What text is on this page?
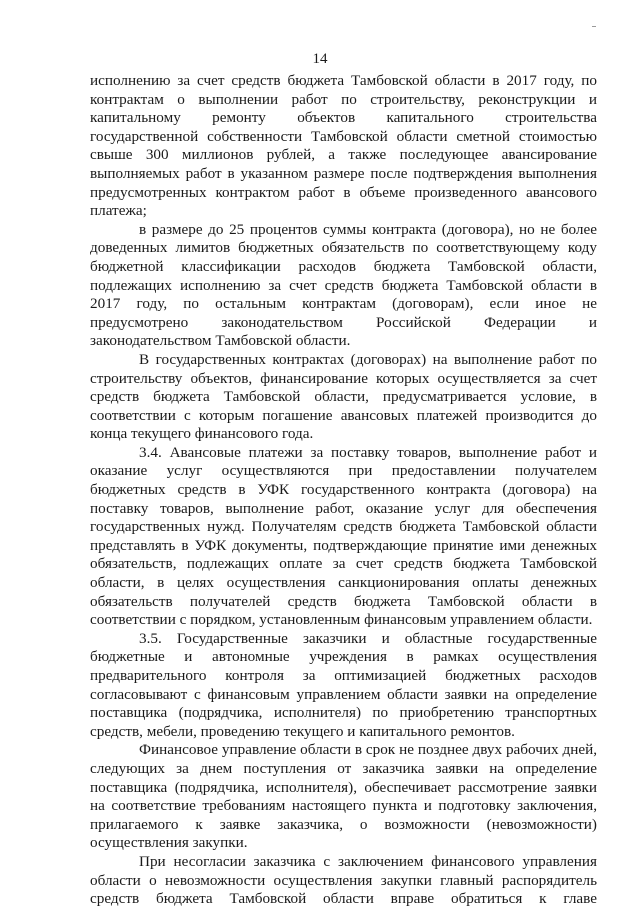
14
исполнению за счет средств бюджета Тамбовской области в 2017 году, по
контрактам о выполнении работ по строительству, реконструкции и
капитальному ремонту объектов капитального строительства
государственной собственности Тамбовской области сметной стоимостью
свыше 300 миллионов рублей, а также последующее авансирование
выполняемых работ в указанном размере после подтверждения выполнения
предусмотренных контрактом работ в объеме произведенного авансового
платежа;
в размере до 25 процентов суммы контракта (договора), но не более
доведенных лимитов бюджетных обязательств по соответствующему коду
бюджетной классификации расходов бюджета Тамбовской области,
подлежащих исполнению за счет средств бюджета Тамбовской области в
2017 году, по остальным контрактам (договорам), если иное не
предусмотрено законодательством Российской Федерации и
законодательством Тамбовской области.
В государственных контрактах (договорах) на выполнение работ по
строительству объектов, финансирование которых осуществляется за счет
средств бюджета Тамбовской области, предусматривается условие, в
соответствии с которым погашение авансовых платежей производится до
конца текущего финансового года.
3.4. Авансовые платежи за поставку товаров, выполнение работ и
оказание услуг осуществляются при предоставлении получателем
бюджетных средств в УФК государственного контракта (договора) на
поставку товаров, выполнение работ, оказание услуг для обеспечения
государственных нужд. Получателям средств бюджета Тамбовской области
представлять в УФК документы, подтверждающие принятие ими денежных
обязательств, подлежащих оплате за счет средств бюджета Тамбовской
области, в целях осуществления санкционирования оплаты денежных
обязательств получателей средств бюджета Тамбовской области в
соответствии с порядком, установленным финансовым управлением области.
3.5. Государственные заказчики и областные государственные
бюджетные и автономные учреждения в рамках осуществления
предварительного контроля за оптимизацией бюджетных расходов
согласовывают с финансовым управлением области заявки на определение
поставщика (подрядчика, исполнителя) по приобретению транспортных
средств, мебели, проведению текущего и капитального ремонтов.
Финансовое управление области в срок не позднее двух рабочих дней,
следующих за днем поступления от заказчика заявки на определение
поставщика (подрядчика, исполнителя), обеспечивает рассмотрение заявки
на соответствие требованиям настоящего пункта и подготовку заключения,
прилагаемого к заявке заказчика, о возможности (невозможности)
осуществления закупки.
При несогласии заказчика с заключением финансового управления
области о невозможности осуществления закупки главный распорядитель
средств бюджета Тамбовской области вправе обратиться к главе
